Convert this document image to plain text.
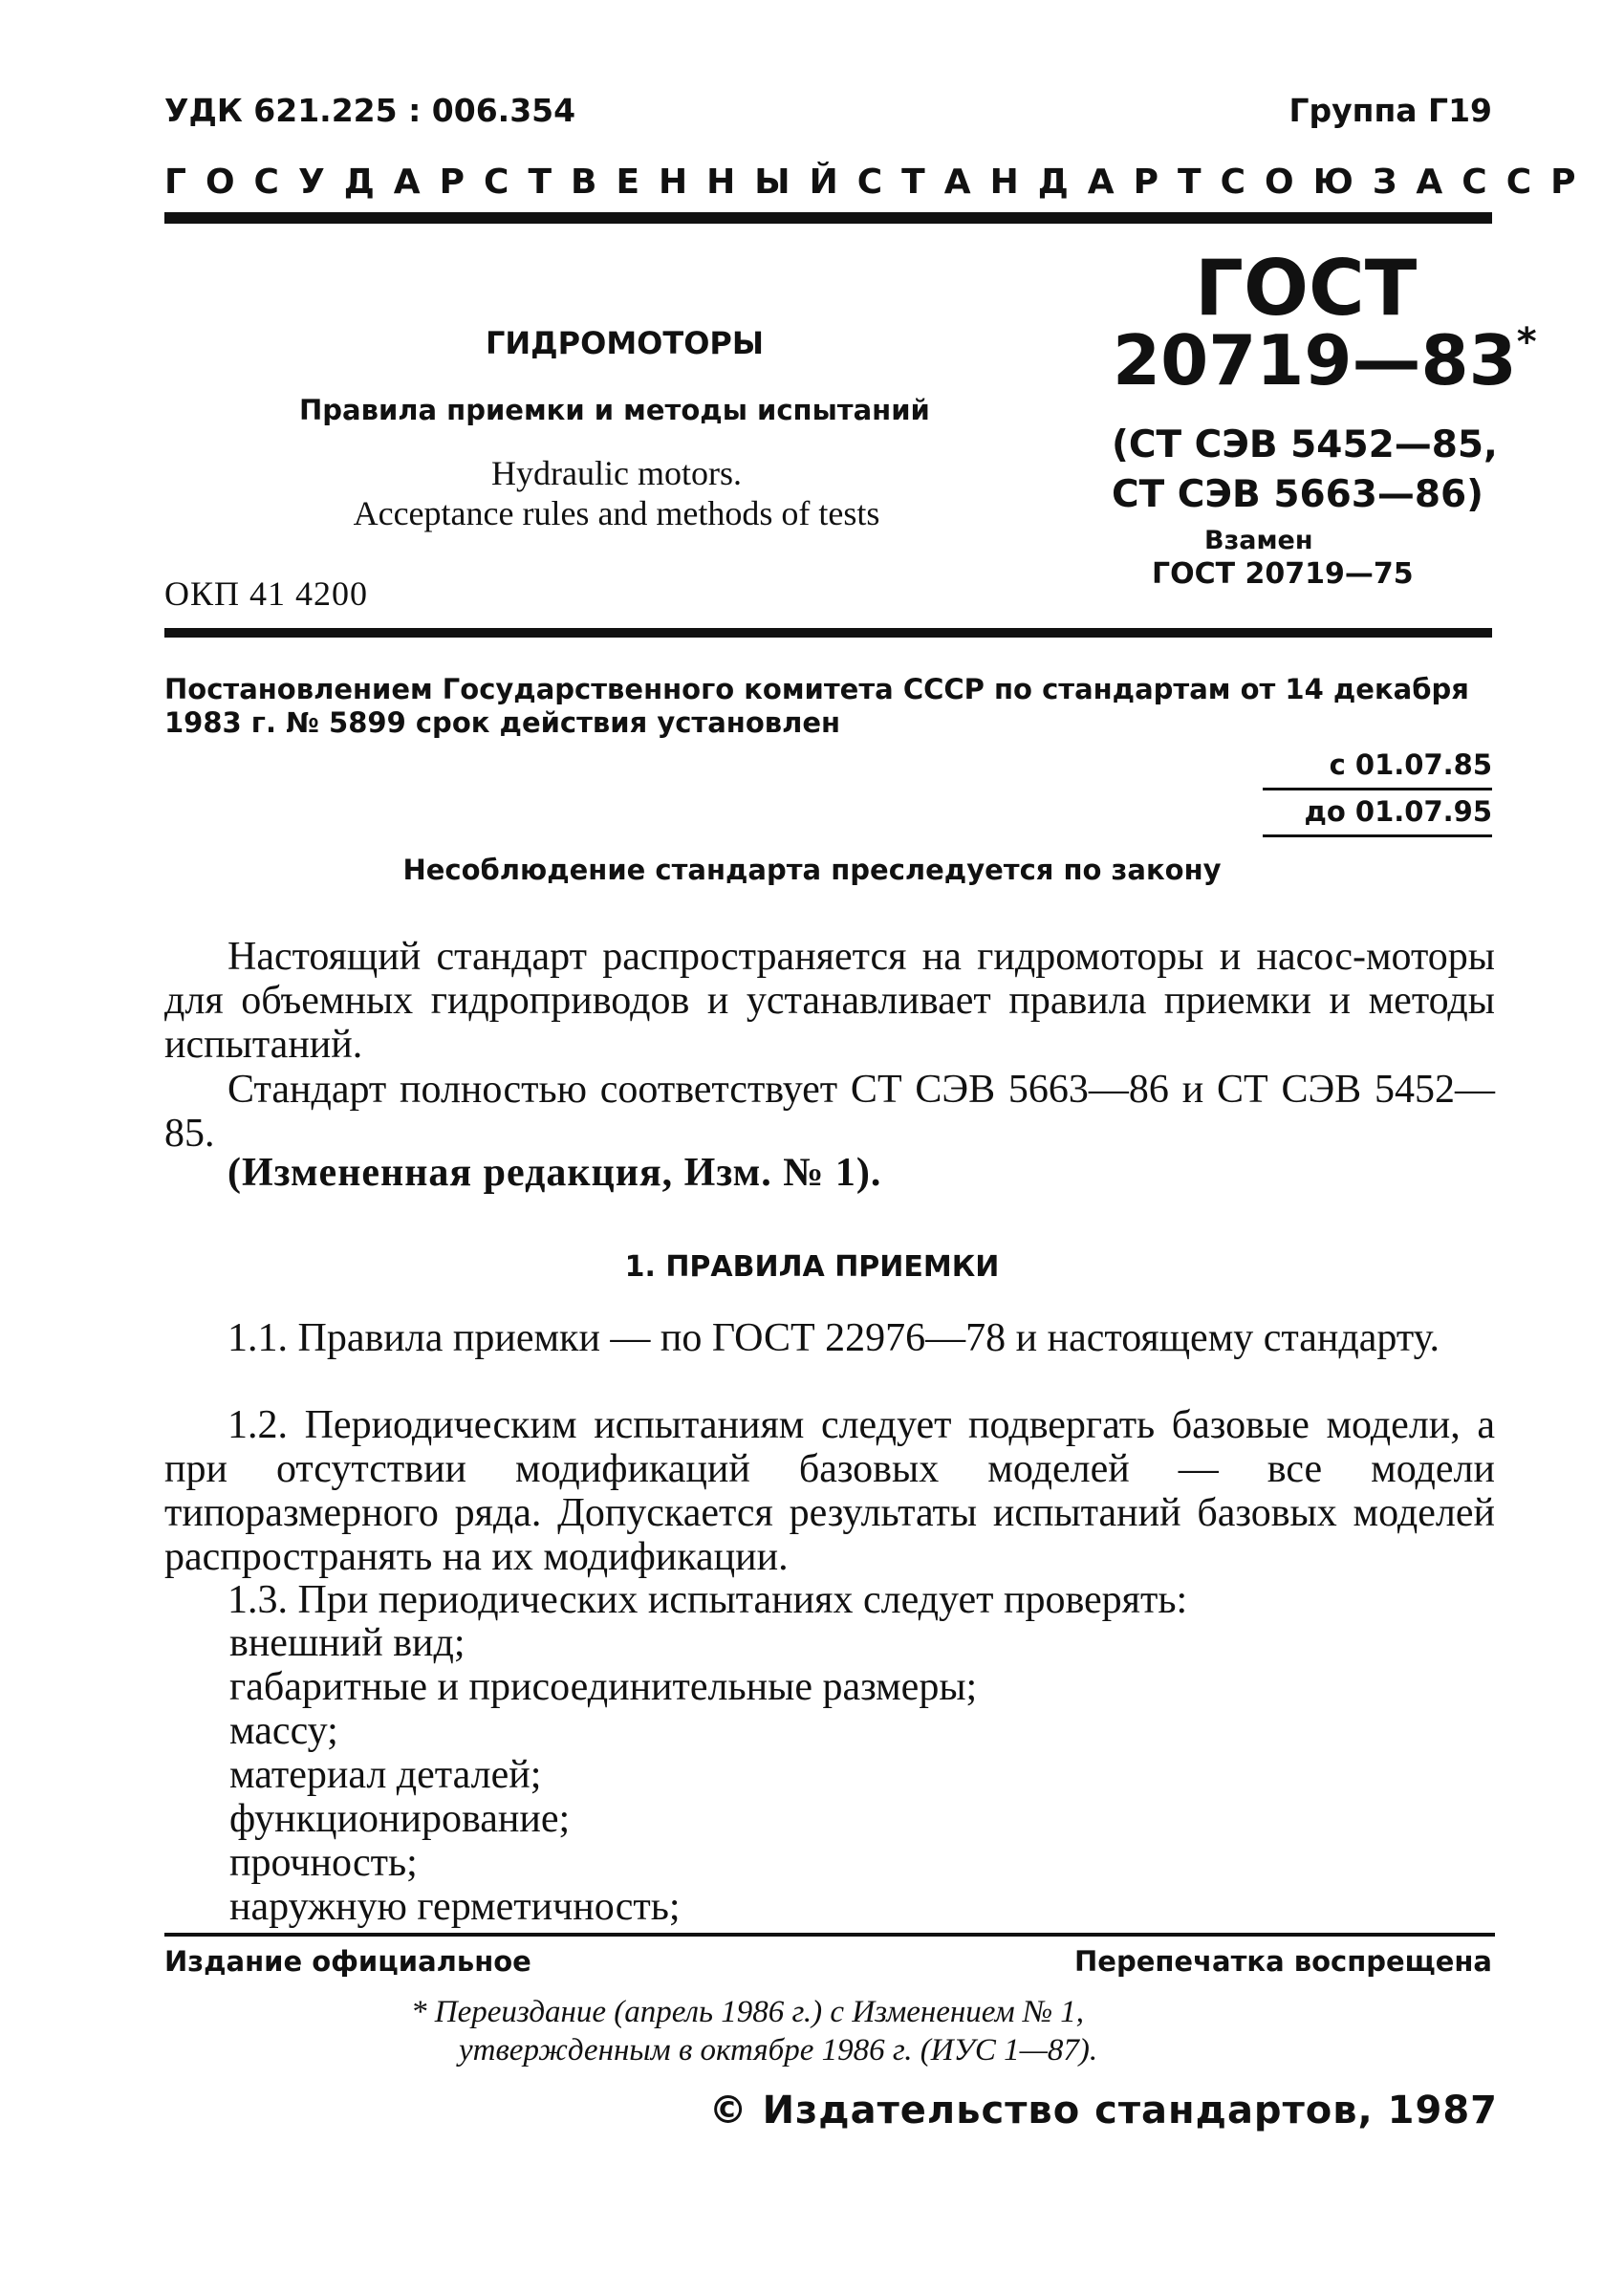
УДК 621.225 : 006.354	Группа Г19
ГОСУДАРСТВЕННЫЙ СТАНДАРТ СОЮЗА ССР
ГИДРОМОТОРЫ
Правила приемки и методы испытаний
Hydraulic motors.
Acceptance rules and methods of tests
ОКП 41 4200
ГОСТ
20719—83*
(СТ СЭВ 5452—85,
СТ СЭВ 5663—86)
Взамен
ГОСТ 20719—75
Постановлением Государственного комитета СССР по стандартам от 14 декабря 1983 г. № 5899 срок действия установлен
с 01.07.85
до 01.07.95
Несоблюдение стандарта преследуется по закону
Настоящий стандарт распространяется на гидромоторы и насос-моторы для объемных гидроприводов и устанавливает правила приемки и методы испытаний.
Стандарт полностью соответствует СТ СЭВ 5663—86 и СТ СЭВ 5452—85.
(Измененная редакция, Изм. № 1).
1. ПРАВИЛА ПРИЕМКИ
1.1. Правила приемки — по ГОСТ 22976—78 и настоящему стандарту.
1.2. Периодическим испытаниям следует подвергать базовые модели, а при отсутствии модификаций базовых моделей — все модели типоразмерного ряда. Допускается результаты испытаний базовых моделей распространять на их модификации.
1.3. При периодических испытаниях следует проверять:
внешний вид;
габаритные и присоединительные размеры;
массу;
материал деталей;
функционирование;
прочность;
наружную герметичность;
Издание официальное	Перепечатка воспрещена
* Переиздание (апрель 1986 г.) с Изменением № 1,
утвержденным в октябре 1986 г. (ИУС 1—87).
© Издательство стандартов, 1987
